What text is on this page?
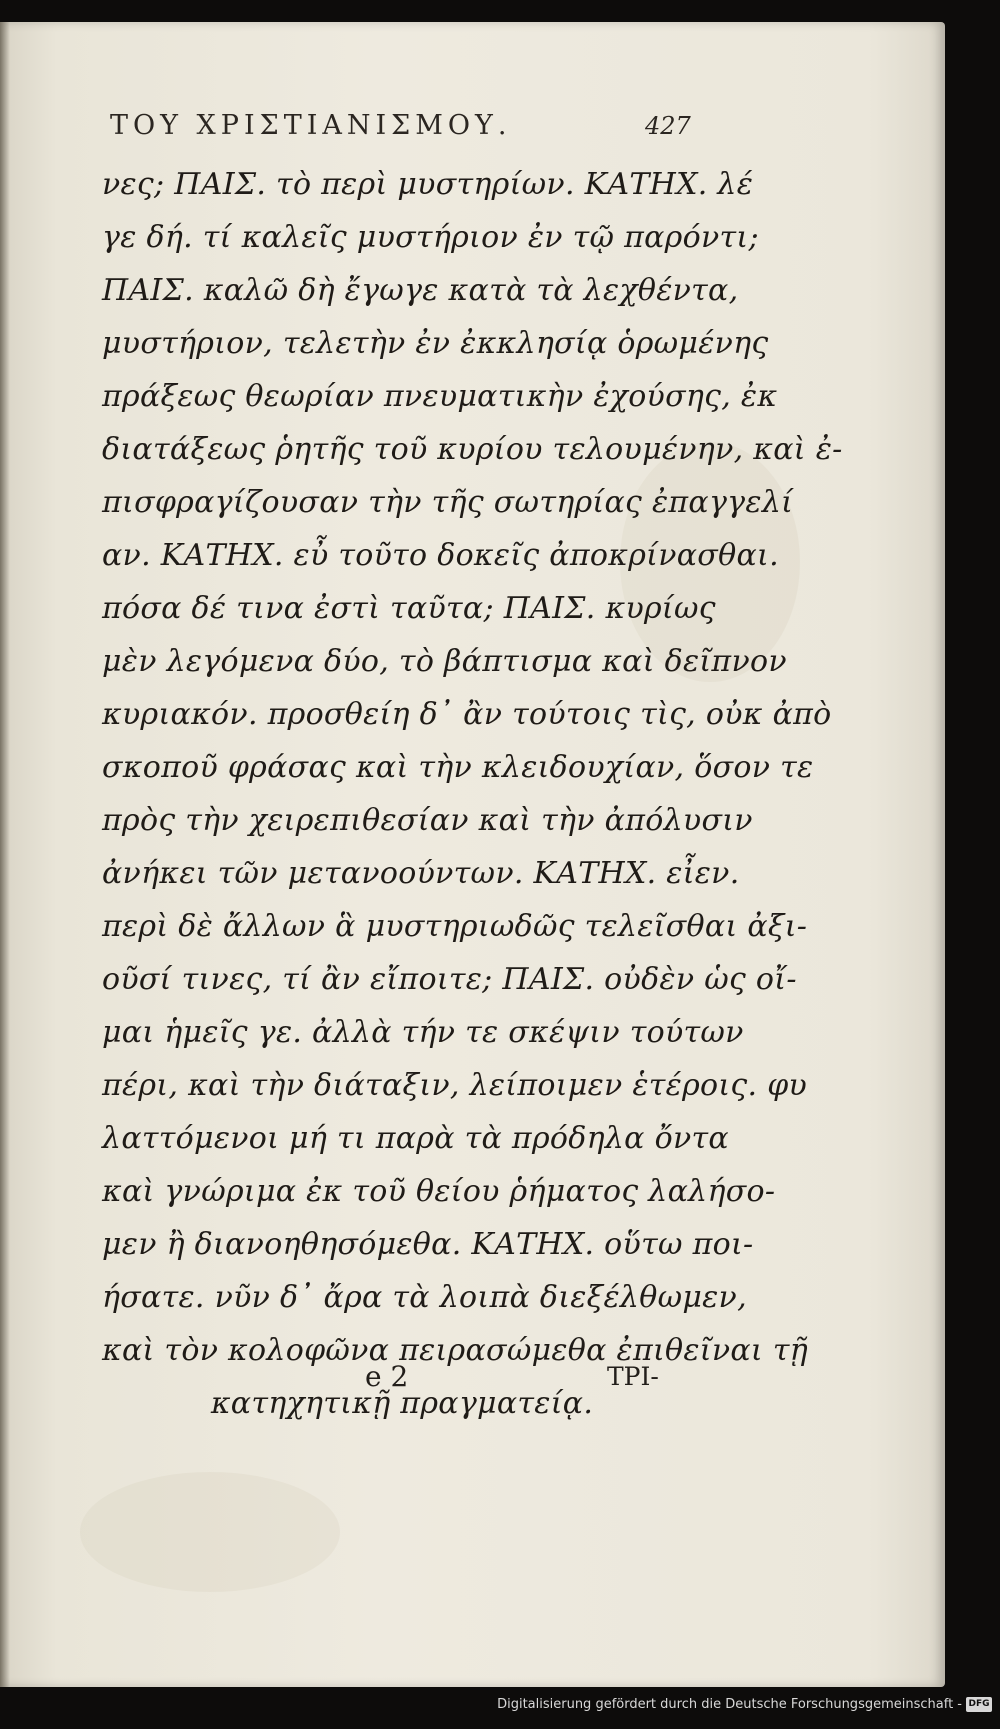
ΤΟΥ ΧΡΙΣΤΙΑΝΙΣΜΟΥ.	427
νες; ΠΑΙΣ. τὸ περὶ μυστηρίων. ΚΑΤΗΧ. λέ
γε δή. τί καλεῖς μυστήριον ἐν τῷ παρόντι;
ΠΑΙΣ. καλῶ δὴ ἔγωγε κατὰ τὰ λεχθέντα,
μυστήριον, τελετὴν ἐν ἐκκλησίᾳ ὁρωμένης
πράξεως θεωρίαν πνευματικὴν ἐχούσης, ἐκ
διατάξεως ῥητῆς τοῦ κυρίου τελουμένην, καὶ ἐ-
πισφραγίζουσαν τὴν τῆς σωτηρίας ἐπαγγελί
αν. ΚΑΤΗΧ. εὖ τοῦτο δοκεῖς ἀποκρίνασθαι.
πόσα δέ τινα ἐστὶ ταῦτα; ΠΑΙΣ. κυρίως
μὲν λεγόμενα δύο, τὸ βάπτισμα καὶ δεῖπνον
κυριακόν. προσθείη δ᾿ ἂν τούτοις τὶς, οὐκ ἀπὸ
σκοποῦ φράσας καὶ τὴν κλειδουχίαν, ὅσον τε
πρὸς τὴν χειρεπιθεσίαν καὶ τὴν ἀπόλυσιν
ἀνήκει τῶν μετανοούντων. ΚΑΤΗΧ. εἶεν.
περὶ δὲ ἄλλων ἃ μυστηριωδῶς τελεῖσθαι ἀξι-
οῦσί τινες, τί ἂν εἴποιτε; ΠΑΙΣ. οὐδὲν ὡς οἴ-
μαι ἡμεῖς γε. ἀλλὰ τήν τε σκέψιν τούτων
πέρι, καὶ τὴν διάταξιν, λείποιμεν ἑτέροις. φυ
λαττόμενοι μή τι παρὰ τὰ πρόδηλα ὄντα
καὶ γνώριμα ἐκ τοῦ θείου ῥήματος λαλήσο-
μεν ἢ διανοηθησόμεθα. ΚΑΤΗΧ. οὕτω ποι-
ήσατε. νῦν δ᾿ ἄρα τὰ λοιπὰ διεξέλθωμεν,
καὶ τὸν κολοφῶνα πειρασώμεθα ἐπιθεῖναι τῇ
κατηχητικῇ πραγματείᾳ.
e 2	ΤΡΙ-
Digitalisierung gefördert durch die Deutsche Forschungsgemeinschaft - DFG
